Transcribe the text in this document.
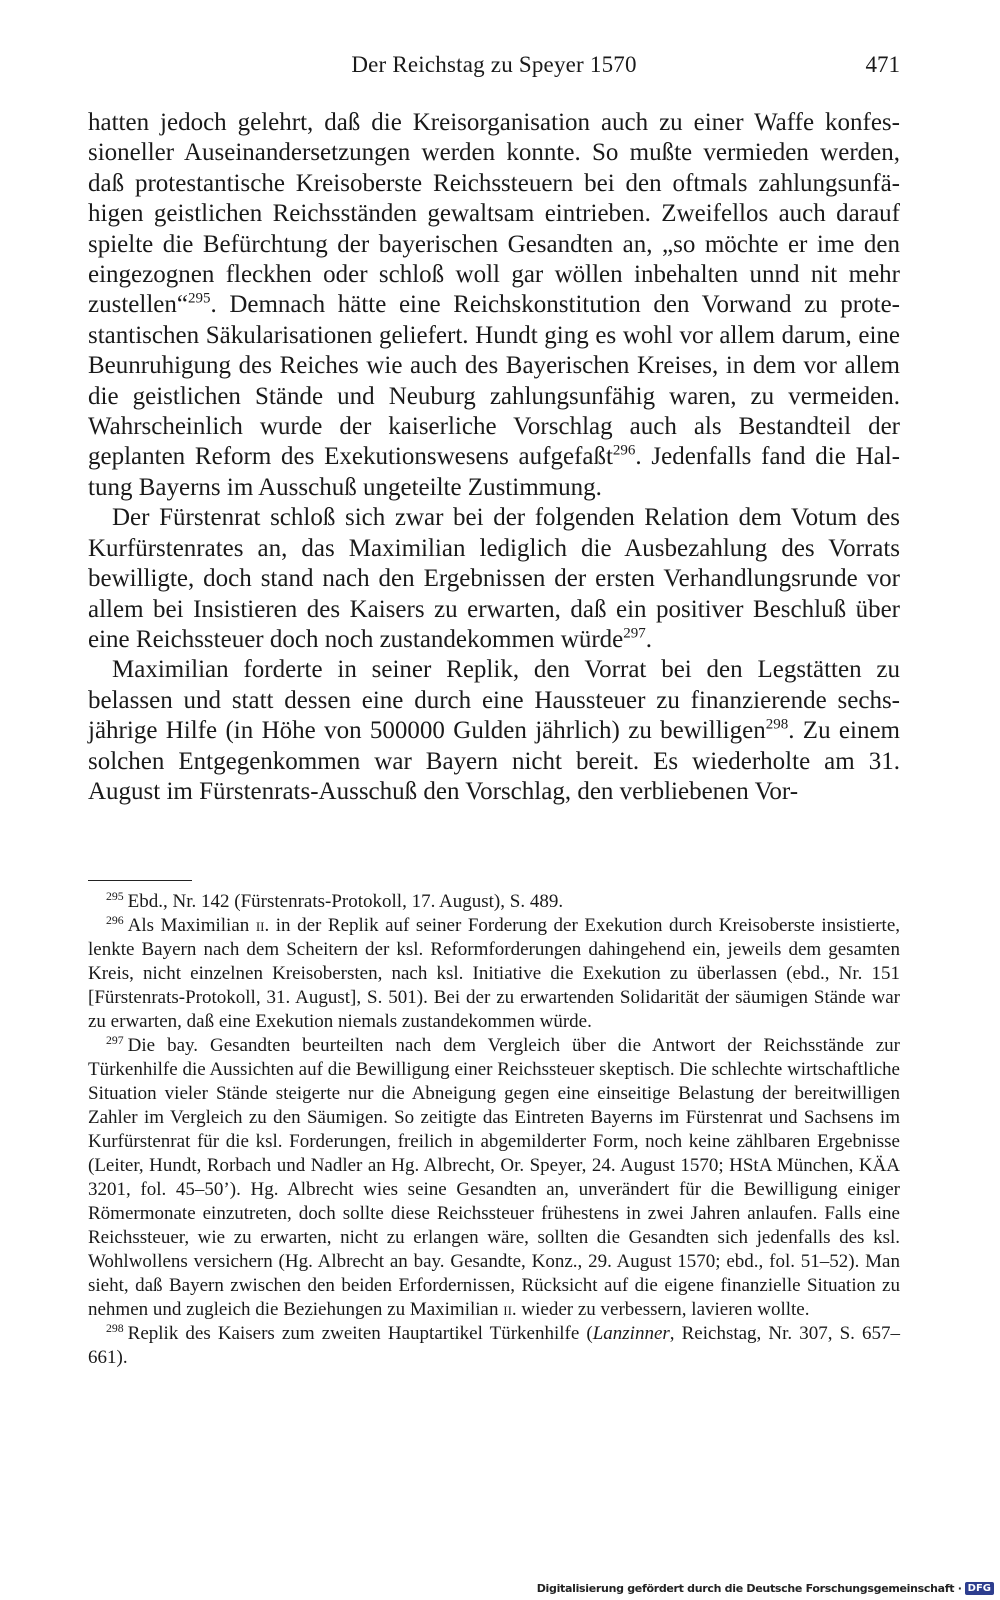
Der Reichstag zu Speyer 1570	471

hatten jedoch gelehrt, daß die Kreisorganisation auch zu einer Waffe konfessioneller Auseinandersetzungen werden konnte. So mußte vermieden werden, daß protestantische Kreisoberste Reichssteuern bei den oftmals zahlungsunfähigen geistlichen Reichsständen gewaltsam eintrieben. Zweifellos auch darauf spielte die Befürchtung der bayerischen Gesandten an, „so möchte er ime den eingezognen fleckhen oder schloß woll gar wöllen inbehalten unnd nit mehr zustellen“$^{295}$. Demnach hätte eine Reichskonstitution den Vorwand zu protestantischen Säkularisationen geliefert. Hundt ging es wohl vor allem darum, eine Beunruhigung des Reiches wie auch des Bayerischen Kreises, in dem vor allem die geistlichen Stände und Neuburg zahlungsunfähig waren, zu vermeiden. Wahrscheinlich wurde der kaiserliche Vorschlag auch als Bestandteil der geplanten Reform des Exekutionswesens aufgefaßt$^{296}$. Jedenfalls fand die Haltung Bayerns im Ausschuß ungeteilte Zustimmung.

Der Fürstenrat schloß sich zwar bei der folgenden Relation dem Votum des Kurfürstenrates an, das Maximilian lediglich die Ausbezahlung des Vorrats bewilligte, doch stand nach den Ergebnissen der ersten Verhandlungsrunde vor allem bei Insistieren des Kaisers zu erwarten, daß ein positiver Beschluß über eine Reichssteuer doch noch zustandekommen würde$^{297}$.

Maximilian forderte in seiner Replik, den Vorrat bei den Legstätten zu belassen und statt dessen eine durch eine Haussteuer zu finanzierende sechsjährige Hilfe (in Höhe von 500000 Gulden jährlich) zu bewilligen$^{298}$. Zu einem solchen Entgegenkommen war Bayern nicht bereit. Es wiederholte am 31. August im Fürstenrats-Ausschuß den Vorschlag, den verbliebenen Vor-

$^{295}$ Ebd., Nr. 142 (Fürstenrats-Protokoll, 17. August), S. 489.

$^{296}$ Als Maximilian ii. in der Replik auf seiner Forderung der Exekution durch Kreisoberste insistierte, lenkte Bayern nach dem Scheitern der ksl. Reformforderungen dahingehend ein, jeweils dem gesamten Kreis, nicht einzelnen Kreisobersten, nach ksl. Initiative die Exekution zu überlassen (ebd., Nr. 151 [Fürstenrats-Protokoll, 31. August], S. 501). Bei der zu erwartenden Solidarität der säumigen Stände war zu erwarten, daß eine Exekution niemals zustandekommen würde.

$^{297}$ Die bay. Gesandten beurteilten nach dem Vergleich über die Antwort der Reichsstände zur Türkenhilfe die Aussichten auf die Bewilligung einer Reichssteuer skeptisch. Die schlechte wirtschaftliche Situation vieler Stände steigerte nur die Abneigung gegen eine einseitige Belastung der bereitwilligen Zahler im Vergleich zu den Säumigen. So zeitigte das Eintreten Bayerns im Fürstenrat und Sachsens im Kurfürstenrat für die ksl. Forderungen, freilich in abgemilderter Form, noch keine zählbaren Ergebnisse (Leiter, Hundt, Rorbach und Nadler an Hg. Albrecht, Or. Speyer, 24. August 1570; HStA München, KÄA 3201, fol. 45–50’). Hg. Albrecht wies seine Gesandten an, unverändert für die Bewilligung einiger Römermonate einzutreten, doch sollte diese Reichssteuer frühestens in zwei Jahren anlaufen. Falls eine Reichssteuer, wie zu erwarten, nicht zu erlangen wäre, sollten die Gesandten sich jedenfalls des ksl. Wohlwollens versichern (Hg. Albrecht an bay. Gesandte, Konz., 29. August 1570; ebd., fol. 51–52). Man sieht, daß Bayern zwischen den beiden Erfordernissen, Rücksicht auf die eigene finanzielle Situation zu nehmen und zugleich die Beziehungen zu Maximilian ii. wieder zu verbessern, lavieren wollte.

$^{298}$ Replik des Kaisers zum zweiten Hauptartikel Türkenhilfe (Lanzinner, Reichstag, Nr. 307, S. 657–661).

Digitalisierung gefördert durch die Deutsche Forschungsgemeinschaft · DFG
